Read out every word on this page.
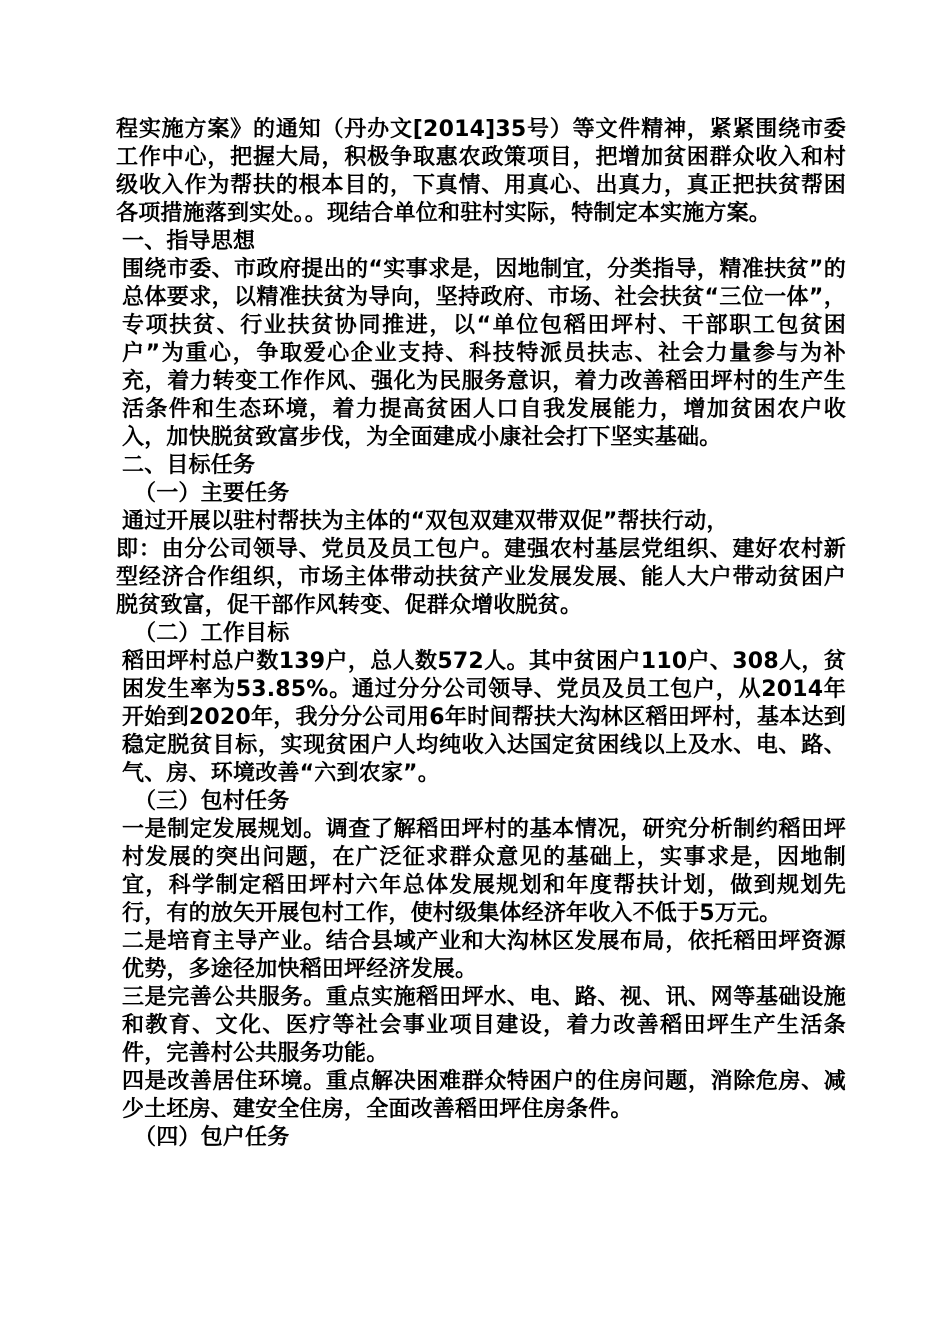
程实施方案》的通知（丹办文[2014]35号）等文件精神，紧紧围绕市委工作中心，把握大局，积极争取惠农政策项目，把增加贫困群众收入和村级收入作为帮扶的根本目的，下真情、用真心、出真力，真正把扶贫帮困各项措施落到实处。。现结合单位和驻村实际，特制定本实施方案。

一、指导思想

围绕市委、市政府提出的“实事求是，因地制宜，分类指导，精准扶贫”的总体要求，以精准扶贫为导向，坚持政府、市场、社会扶贫“三位一体”，专项扶贫、行业扶贫协同推进，以“单位包稻田坪村、干部职工包贫困户”为重心，争取爱心企业支持、科技特派员扶志、社会力量参与为补充，着力转变工作作风、强化为民服务意识，着力改善稻田坪村的生产生活条件和生态环境，着力提高贫困人口自我发展能力，增加贫困农户收入，加快脱贫致富步伐，为全面建成小康社会打下坚实基础。

二、目标任务

（一）主要任务

通过开展以驻村帮扶为主体的“双包双建双带双促”帮扶行动，

即：由分公司领导、党员及员工包户。建强农村基层党组织、建好农村新型经济合作组织，市场主体带动扶贫产业发展发展、能人大户带动贫困户脱贫致富，促干部作风转变、促群众增收脱贫。

（二）工作目标

稻田坪村总户数139户，总人数572人。其中贫困户110户、308人，贫困发生率为53.85%。通过分分公司领导、党员及员工包户，从2014年开始到2020年，我分分公司用6年时间帮扶大沟林区稻田坪村，基本达到稳定脱贫目标，实现贫困户人均纯收入达国定贫困线以上及水、电、路、气、房、环境改善“六到农家”。

（三）包村任务

一是制定发展规划。调查了解稻田坪村的基本情况，研究分析制约稻田坪村发展的突出问题，在广泛征求群众意见的基础上，实事求是，因地制宜，科学制定稻田坪村六年总体发展规划和年度帮扶计划，做到规划先行，有的放矢开展包村工作，使村级集体经济年收入不低于5万元。

二是培育主导产业。结合县域产业和大沟林区发展布局，依托稻田坪资源优势，多途径加快稻田坪经济发展。

三是完善公共服务。重点实施稻田坪水、电、路、视、讯、网等基础设施和教育、文化、医疗等社会事业项目建设，着力改善稻田坪生产生活条件，完善村公共服务功能。

四是改善居住环境。重点解决困难群众特困户的住房问题，消除危房、减少土坯房、建安全住房，全面改善稻田坪住房条件。

（四）包户任务
